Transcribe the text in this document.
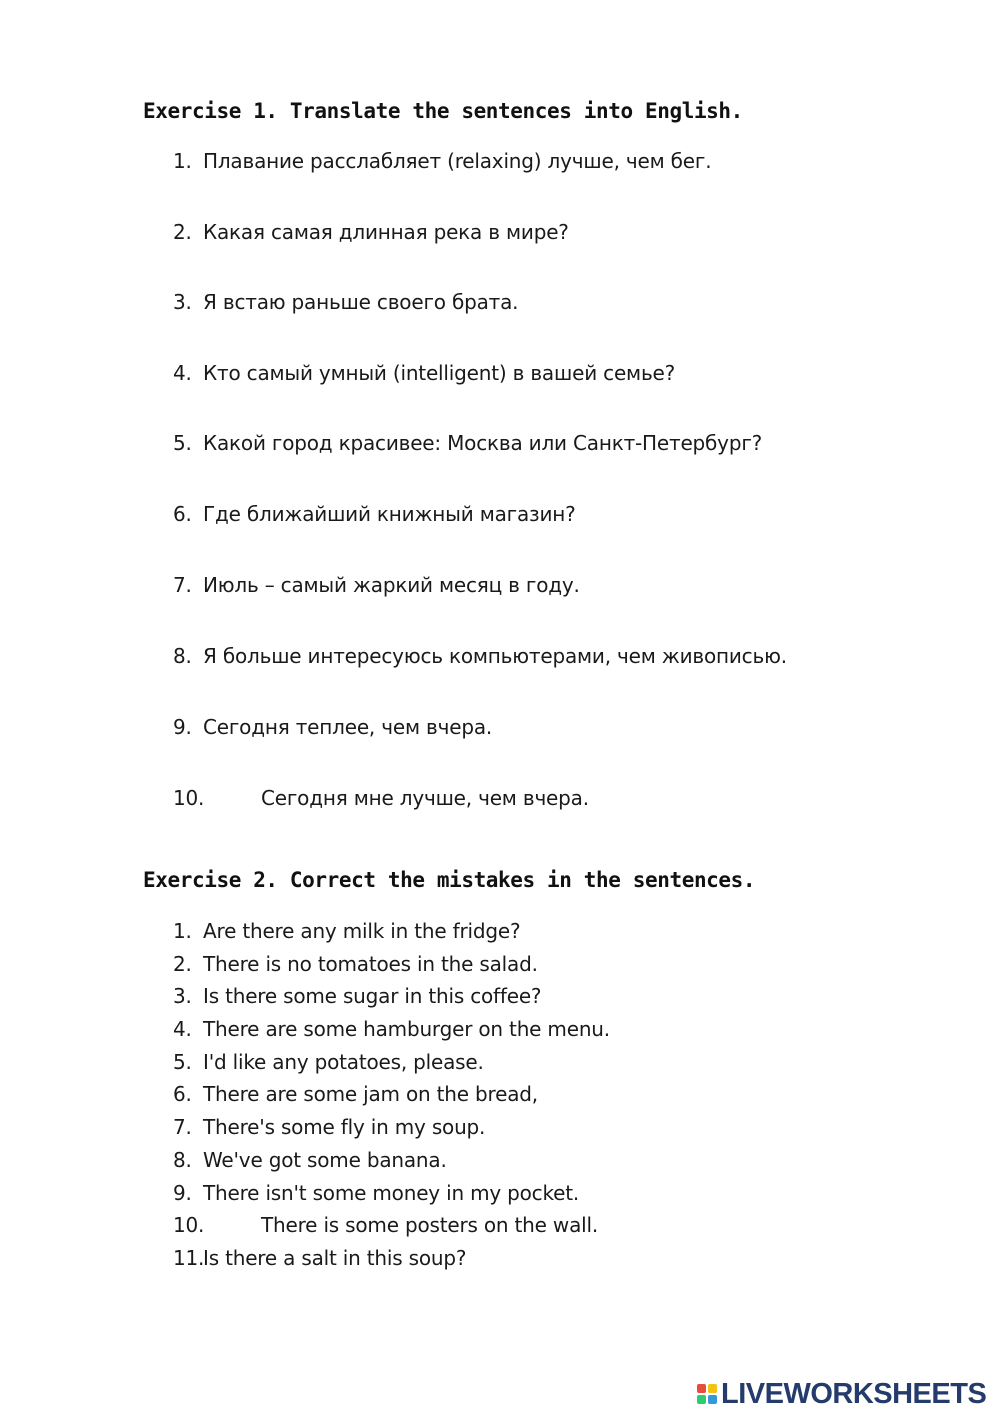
Exercise 1. Translate the sentences into English.
1. Плавание расслабляет (relaxing) лучше, чем бег.
2. Какая самая длинная река в мире?
3. Я встаю раньше своего брата.
4. Кто самый умный (intelligent) в вашей семье?
5. Какой город красивее: Москва или Санкт-Петербург?
6. Где ближайший книжный магазин?
7. Июль – самый жаркий месяц в году.
8. Я больше интересуюсь компьютерами, чем живописью.
9. Сегодня теплее, чем вчера.
10.	Сегодня мне лучше, чем вчера.
Exercise 2. Correct the mistakes in the sentences.
1. Are there any milk in the fridge?
2. There is no tomatoes in the salad.
3. Is there some sugar in this coffee?
4. There are some hamburger on the menu.
5. I'd like any potatoes, please.
6. There are some jam on the bread,
7. There's some fly in my soup.
8. We've got some banana.
9. There isn't some money in my pocket.
10.	There is some posters on the wall.
11.Is there a salt in this soup?
LIVEWORKSHEETS
